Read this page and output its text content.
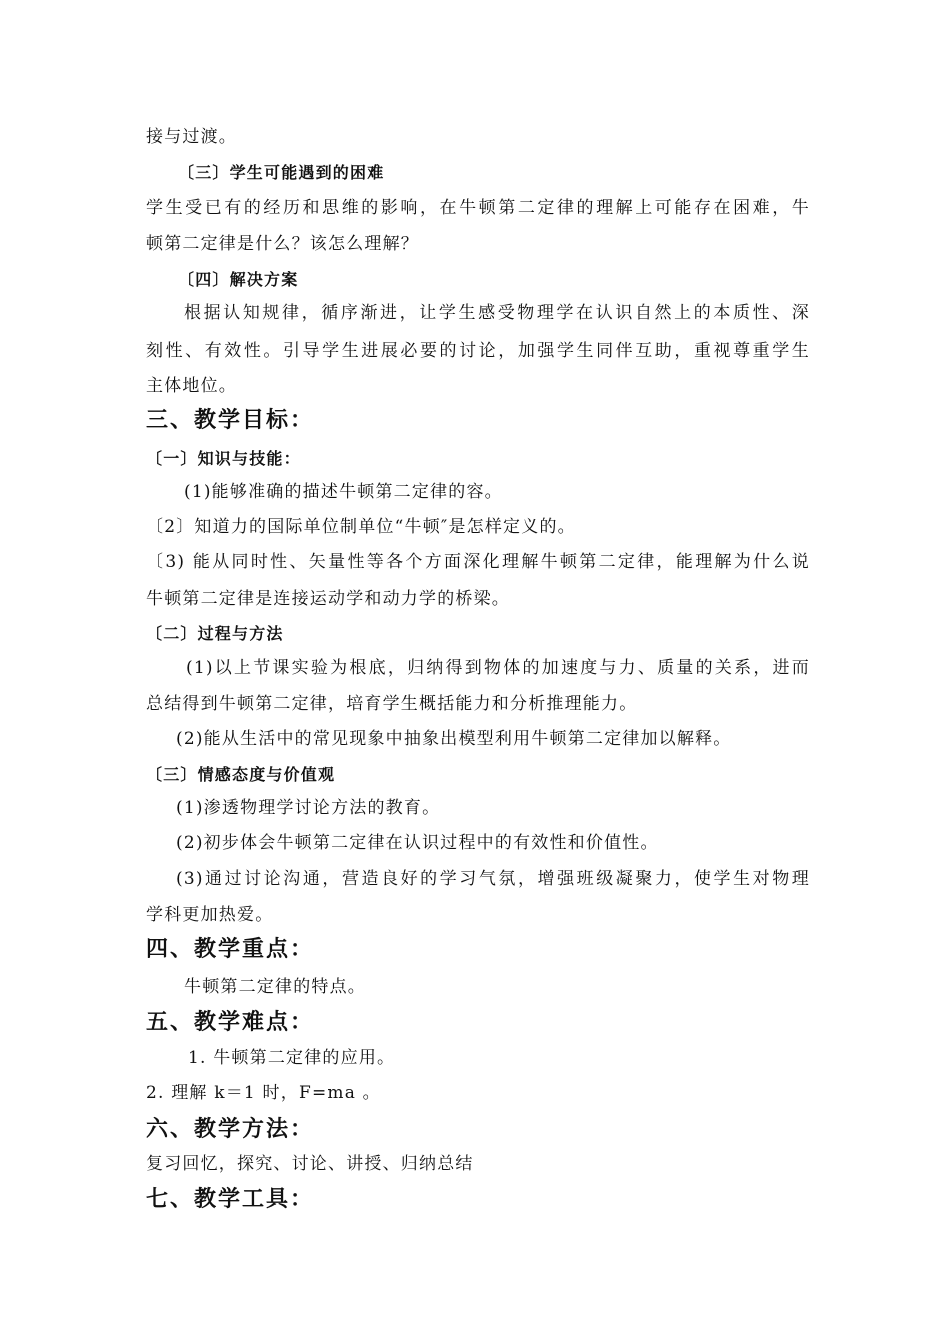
接与过渡。
〔三〕学生可能遇到的困难
学生受已有的经历和思维的影响，在牛顿第二定律的理解上可能存在困难，牛
顿第二定律是什么？该怎么理解？
〔四〕解决方案
根据认知规律，循序渐进，让学生感受物理学在认识自然上的本质性、深
刻性、有效性。引导学生进展必要的讨论，加强学生同伴互助，重视尊重学生
主体地位。
三、教学目标：
〔一〕知识与技能：
(1)能够准确的描述牛顿第二定律的容。
〔2〕知道力的国际单位制单位“牛顿″是怎样定义的。
〔3) 能从同时性、矢量性等各个方面深化理解牛顿第二定律，能理解为什么说
牛顿第二定律是连接运动学和动力学的桥梁。
〔二〕过程与方法
(1)以上节课实验为根底，归纳得到物体的加速度与力、质量的关系，进而
总结得到牛顿第二定律，培育学生概括能力和分析推理能力。
(2)能从生活中的常见现象中抽象出模型利用牛顿第二定律加以解释。
〔三〕情感态度与价值观
(1)渗透物理学讨论方法的教育。
(2)初步体会牛顿第二定律在认识过程中的有效性和价值性。
(3)通过讨论沟通，营造良好的学习气氛，增强班级凝聚力，使学生对物理
学科更加热爱。
四、教学重点：
牛顿第二定律的特点。
五、教学难点：
1. 牛顿第二定律的应用。
2. 理解 k＝1 时，F=ma 。
六、教学方法：
复习回忆，探究、讨论、讲授、归纳总结
七、教学工具：
